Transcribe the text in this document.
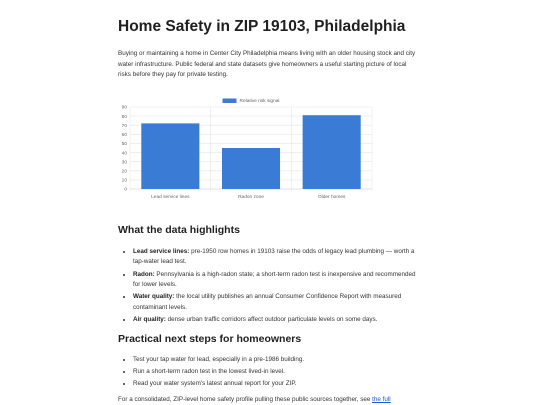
Home Safety in ZIP 19103, Philadelphia

Buying or maintaining a home in Center City Philadelphia means living with an older housing stock and city water infrastructure. Public federal and state datasets give homeowners a useful starting picture of local risks before they pay for private testing.

0
10
20
30
40
50
60
70
80
90
Lead service lines	Radon zone	Older homes
Relative risk signal
What the data highlights
• Lead service lines: pre-1950 row homes in 19103 raise the odds of legacy lead plumbing — worth a tap-water lead test.
• Radon: Pennsylvania is a high-radon state; a short-term radon test is inexpensive and recommended for lower levels.
• Water quality: the local utility publishes an annual Consumer Confidence Report with measured contaminant levels.
• Air quality: dense urban traffic corridors affect outdoor particulate levels on some days.
Practical next steps for homeowners
• Test your tap water for lead, especially in a pre-1986 building.
• Run a short-term radon test in the lowest lived-in level.
• Read your water system's latest annual report for your ZIP.

For a consolidated, ZIP-level home safety profile pulling these public sources together, see the full
